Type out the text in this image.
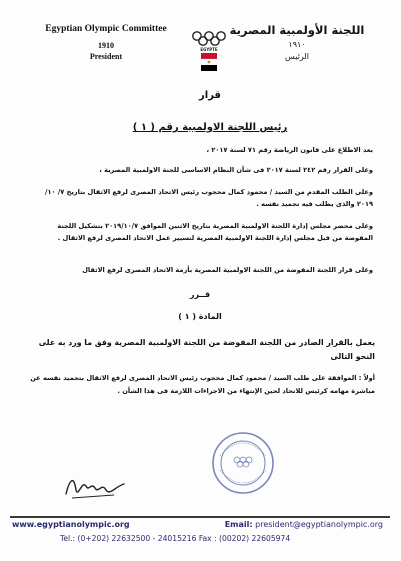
Egyptian Olympic Committee
1910
President
EGYPTE
اللجنة الأولمبية المصرية
١٩١٠
الرئيس
قرار
رئيس اللجنة الاولمبية رقم ( ١ )
بعد الاطلاع على قانون الرياضة رقم ٧١ لسنة ٢٠١٧ ،
وعلى القرار رقم ٢٤٢ لسنة ٢٠١٧ فى شأن النظام الاساسى للجنة الاولمبية المصرية ،
وعلى الطلب المقدم من السيد / محمود كمال محجوب رئيس الاتحاد المصرى لرفع الاثقال بتاريخ ٧/ ١٠/ ٢٠١٩ والذى يطلب فيه تجميد نفسه .
وعلى محضر مجلس إدارة اللجنة الاولمبية المصرية بتاريخ الاثنين الموافق ٢٠١٩/١٠/٧ بتشكيل اللجنة المفوضة من قبل مجلس إدارة اللجنة الاولمبية المصرية لتسيير عمل الاتحاد المصرى لرفع الاثقال .
وعلى قرار اللجنة المفوضة من اللجنة الاولمبية المصرية بأزمة الاتحاد المصرى لرفع الاثقال
قــرر
المادة ( ١ )
يعمل بالقرار الصادر من اللجنة المفوضة من اللجنة الاولمبية المصرية وفق ما ورد به على النحو التالى
أولاً : الموافقة على طلب السيد / محمود كمال محجوب رئيس الاتحاد المصرى لرفع الاثقال بتجميد نفسه عن مباشرة مهامه كرئيس للاتحاد لحين الإنتهاء من الاجراءات اللازمة فى هذا الشأن .
www.egyptianolympic.org	Email: president@egyptianolympic.org
Tel.: (0+202) 22632500 - 24015216 Fax : (00202) 22605974
